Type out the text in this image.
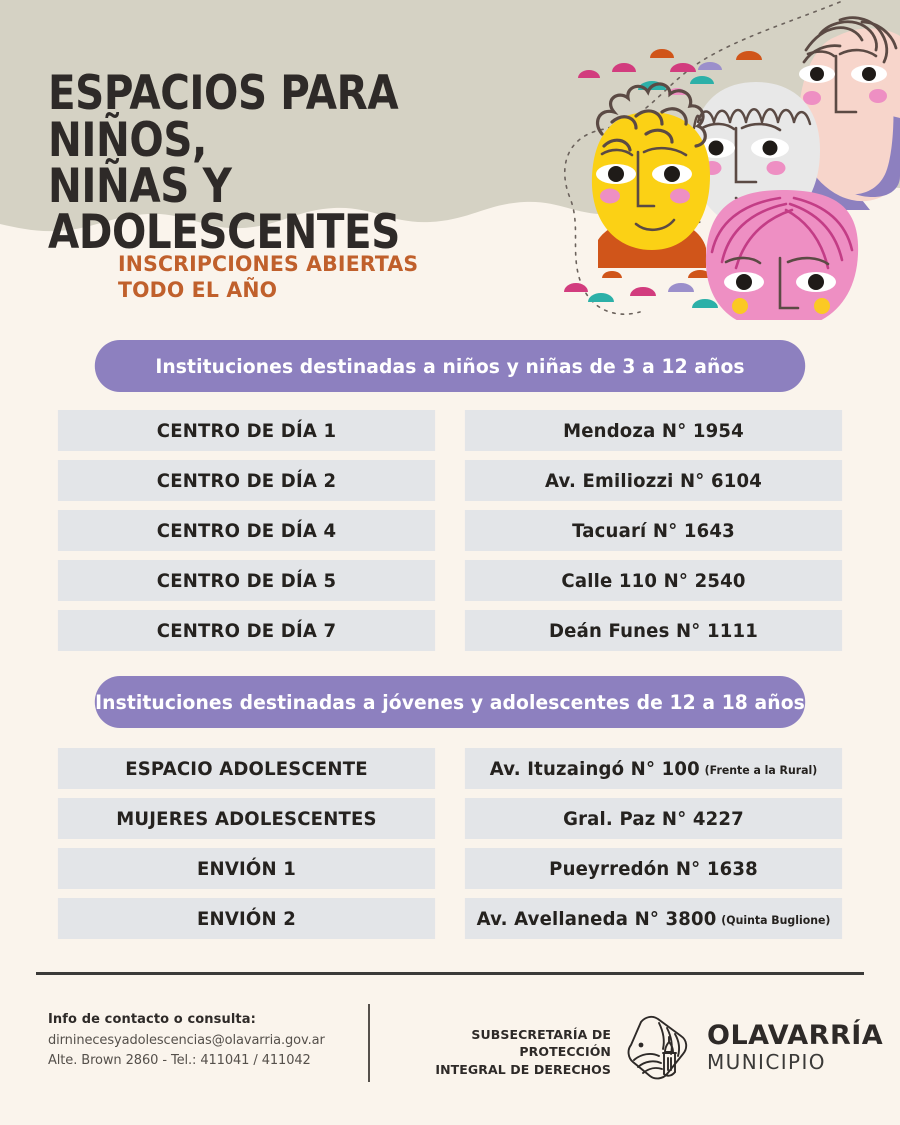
ESPACIOS PARA NIÑOS,
NIÑAS Y ADOLESCENTES
INSCRIPCIONES ABIERTAS
TODO EL AÑO
Instituciones destinadas a niños y niñas de 3 a 12 años
CENTRO DE DÍA 1	Mendoza N° 1954
CENTRO DE DÍA 2	Av. Emiliozzi N° 6104
CENTRO DE DÍA 4	Tacuarí N° 1643
CENTRO DE DÍA 5	Calle 110 N° 2540
CENTRO DE DÍA 7	Deán Funes N° 1111
Instituciones destinadas a jóvenes y adolescentes de 12 a 18 años
ESPACIO ADOLESCENTE	Av. Ituzaingó N° 100 (Frente a la Rural)
MUJERES ADOLESCENTES	Gral. Paz N° 4227
ENVIÓN 1	Pueyrredón N° 1638
ENVIÓN 2	Av. Avellaneda N° 3800 (Quinta Buglione)
Info de contacto o consulta:
dirninecesyadolescencias@olavarria.gov.ar
Alte. Brown 2860 - Tel.: 411041 / 411042
SUBSECRETARÍA DE PROTECCIÓN
INTEGRAL DE DERECHOS
OLAVARRÍA
MUNICIPIO
